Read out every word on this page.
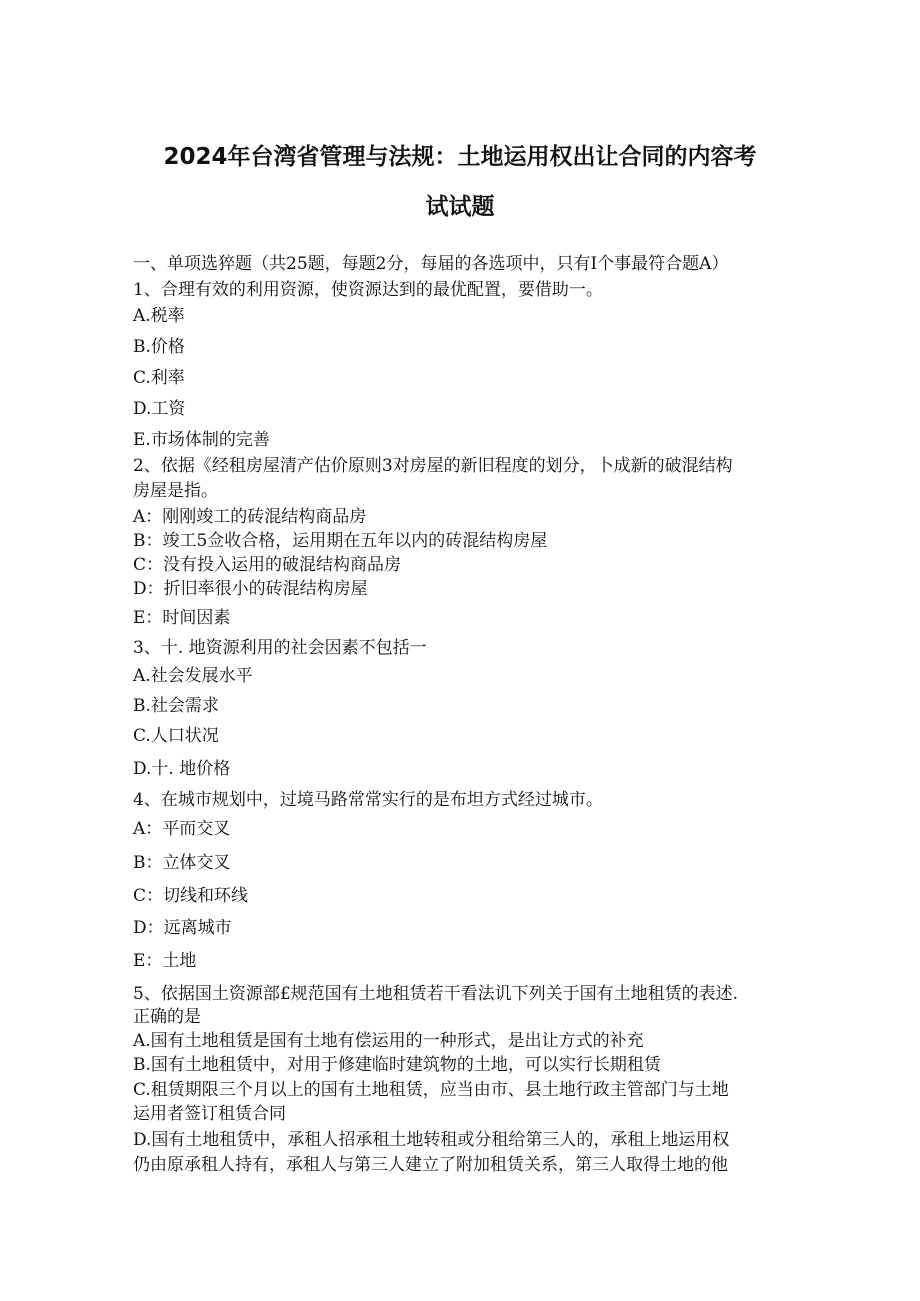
2024年台湾省管理与法规：土地运用权出让合同的内容考
试试题
一、单项选猝题（共25题，每题2分，每届的各选项中，只有I个事最符合题A）
1、合理有效的利用资源，使资源达到的最优配置，要借助一。
A.税率
B.价格
C.利率
D.工资
E.市场体制的完善
2、依据《经租房屋清产估价原则3对房屋的新旧程度的划分，卜成新的破混结构
房屋是指。
A：刚刚竣工的砖混结构商品房
B：竣工5佥收合格，运用期在五年以内的砖混结构房屋
C：没有投入运用的破混结构商品房
D：折旧率很小的砖混结构房屋
E：时间因素
3、十. 地资源利用的社会因素不包括一
A.社会发展水平
B.社会需求
C.人口状况
D.十. 地价格
4、在城市规划中，过境马路常常实行的是布坦方式经过城市。
A：平而交叉
B：立体交叉
C：切线和环线
D：远离城市
E：土地
5、依据国土资源部£规范国有土地租赁若干看法讥下列关于国有土地租赁的表述.
正确的是
A.国有土地租赁是国有土地有偿运用的一种形式，是出让方式的补充
B.国有土地租赁中，对用于修建临时建筑物的土地，可以实行长期租赁
C.租赁期限三个月以上的国有土地租赁，应当由市、县土地行政主管部门与土地
运用者签订租赁合同
D.国有土地租赁中，承租人招承租土地转租或分租给第三人的，承租上地运用权
仍由原承租人持有，承租人与第三人建立了附加租赁关系，第三人取得土地的他
